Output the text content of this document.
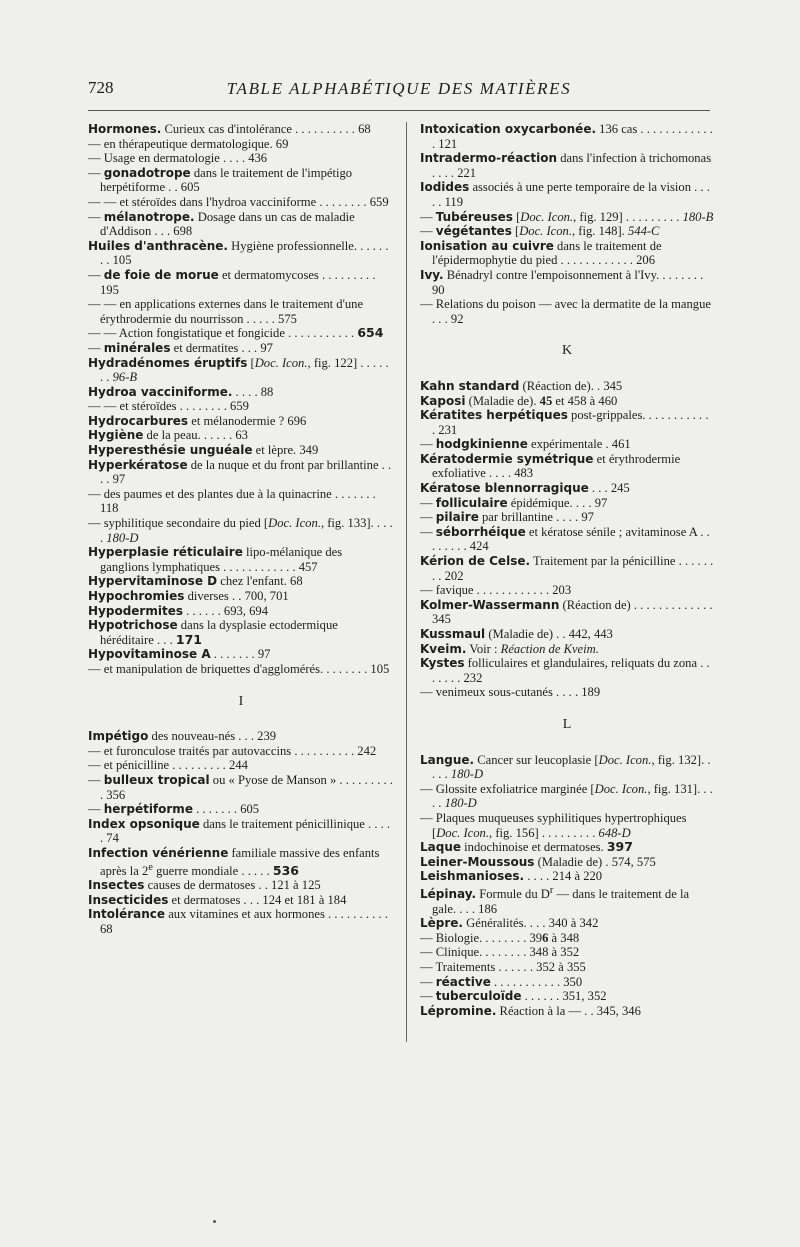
728	TABLE ALPHABÉTIQUE DES MATIÈRES
Hormones. Curieux cas d'intolérance . . . . . . . . . . 68
— en thérapeutique dermatologique. 69
— Usage en dermatologie . . . . 436
— gonadotrope dans le traitement de l'impétigo herpétiforme . . 605
— — et stéroïdes dans l'hydroa vacciniforme . . . . . . . . 659
— mélanotrope. Dosage dans un cas de maladie d'Addison . . . 698
Huiles d'anthracène. Hygiène professionnelle. . . . . . . . 105
— de foie de morue et dermatomycoses . . . . . . . . . 195
— — en applications externes dans le traitement d'une érythrodermie du nourrisson . . . . . 575
— — Action fongistatique et fongicide . . . . . . . . . . . 654
— minérales et dermatites . . . 97
Hydradénomes éruptifs [Doc. Icon., fig. 122] . . . . . . . 96-B
Hydroa vacciniforme. . . . . 88
— — et stéroïdes . . . . . . . . 659
Hydrocarbures et mélanodermie ? 696
Hygiène de la peau. . . . . . 63
Hyperesthésie unguéale et lèpre. 349
Hyperkératose de la nuque et du front par brillantine . . . . 97
— des paumes et des plantes due à la quinacrine . . . . . . . 118
— syphilitique secondaire du pied [Doc. Icon., fig. 133]. . . . . 180-D
Hyperplasie réticulaire lipo-mélanique des ganglions lymphatiques . . . . . . . . . . . . 457
Hypervitaminose D chez l'enfant. 68
Hypochromies diverses . . 700, 701
Hypodermites . . . . . . 693, 694
Hypotrichose dans la dysplasie ectodermique héréditaire . . . 171
Hypovitaminose A . . . . . . . 97
— et manipulation de briquettes d'agglomérés. . . . . . . . 105
I
Impétigo des nouveau-nés . . . 239
— et furonculose traités par autovaccins . . . . . . . . . . 242
— et pénicilline . . . . . . . . . 244
— bulleux tropical ou « Pyose de Manson » . . . . . . . . . . 356
— herpétiforme . . . . . . . 605
Index opsonique dans le traitement pénicillinique . . . . . 74
Infection vénérienne familiale massive des enfants après la 2e guerre mondiale . . . . . 536
Insectes causes de dermatoses . . 121 à 125
Insecticides et dermatoses . . . 124 et 181 à 184
Intolérance aux vitamines et aux hormones . . . . . . . . . . 68
Intoxication oxycarbonée. 136 cas . . . . . . . . . . . . . 121
Intradermo-réaction dans l'infection à trichomonas . . . . 221
Iodides associés à une perte temporaire de la vision . . . . . 119
— Tubéreuses [Doc. Icon., fig. 129] . . . . . . . . . 180-B
— végétantes [Doc. Icon., fig. 148]. 544-C
Ionisation au cuivre dans le traitement de l'épidermophytie du pied . . . . . . . . . . . . 206
Ivy. Bénadryl contre l'empoisonnement à l'Ivy. . . . . . . . 90
— Relations du poison — avec la dermatite de la mangue . . . 92
K
Kahn standard (Réaction de). . 345
Kaposi (Maladie de). 45 et 458 à 460
Kératites herpétiques post-grippales. . . . . . . . . . . . 231
— hodgkinienne expérimentale . 461
Kératodermie symétrique et érythrodermie exfoliative . . . . 483
Kératose blennorragique . . . 245
— folliculaire épidémique. . . . 97
— pilaire par brillantine . . . . 97
— séborrhéique et kératose sénile ; avitaminose A . . . . . . . . 424
Kérion de Celse. Traitement par la pénicilline . . . . . . . . 202
— favique . . . . . . . . . . . . 203
Kolmer-Wassermann (Réaction de) . . . . . . . . . . . . . 345
Kussmaul (Maladie de) . . 442, 443
Kveim. Voir : Réaction de Kveim.
Kystes folliculaires et glandulaires, reliquats du zona . . . . . . . 232
— venimeux sous-cutanés . . . . 189
L
Langue. Cancer sur leucoplasie [Doc. Icon., fig. 132]. . . . . 180-D
— Glossite exfoliatrice marginée [Doc. Icon., fig. 131]. . . . . 180-D
— Plaques muqueuses syphilitiques hypertrophiques [Doc. Icon., fig. 156] . . . . . . . . . 648-D
Laque indochinoise et dermatoses. 397
Leiner-Moussous (Maladie de) . 574, 575
Leishmanioses. . . . . 214 à 220
Lépinay. Formule du $D^r$ — dans le traitement de la gale. . . . 186
Lèpre. Généralités. . . . 340 à 342
— Biologie. . . . . . . . 396 à 348
— Clinique. . . . . . . . 348 à 352
— Traitements . . . . . . 352 à 355
— réactive . . . . . . . . . . . 350
— tuberculoïde . . . . . . 351, 352
Lépromine. Réaction à la — . . 345, 346
